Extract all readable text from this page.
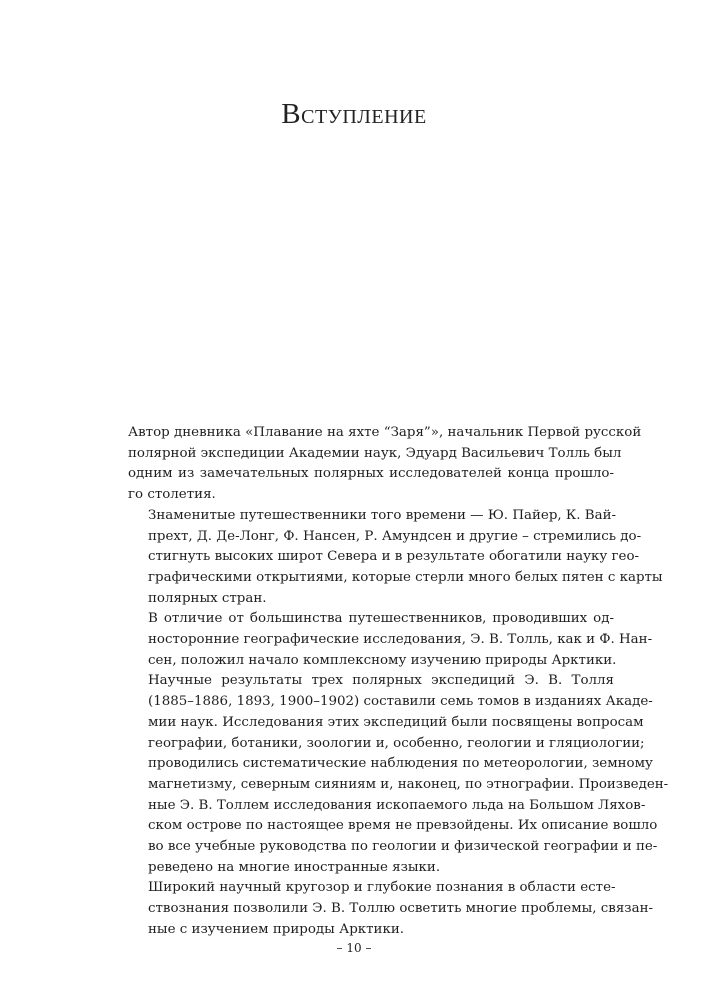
Вступление

Автор дневника «Плавание на яхте “Заря”», начальник Первой русской
полярной экспедиции Академии наук, Эдуард Васильевич Толль был
одним из замечательных полярных исследователей конца прошло-
го столетия.

Знаменитые путешественники того времени — Ю. Пайер, К. Вай-
прехт, Д. Де-Лонг, Ф. Нансен, Р. Амундсен и другие – стремились до-
стигнуть высоких широт Севера и в результате обогатили науку гео-
графическими открытиями, которые стерли много белых пятен с карты
полярных стран.

В отличие от большинства путешественников, проводивших од-
носторонние географические исследования, Э. В. Толль, как и Ф. Нан-
сен, положил начало комплексному изучению природы Арктики.

Научные результаты трех полярных экспедиций Э. В. Толля
(1885–1886, 1893, 1900–1902) составили семь томов в изданиях Акаде-
мии наук. Исследования этих экспедиций были посвящены вопросам
географии, ботаники, зоологии и, особенно, геологии и гляциологии;
проводились систематические наблюдения по метеорологии, земному
магнетизму, северным сияниям и, наконец, по этнографии. Произведен-
ные Э. В. Толлем исследования ископаемого льда на Большом Ляхов-
ском острове по настоящее время не превзойдены. Их описание вошло
во все учебные руководства по геологии и физической географии и пе-
реведено на многие иностранные языки.

Широкий научный кругозор и глубокие познания в области есте-
ствознания позволили Э. В. Толлю осветить многие проблемы, связан-
ные с изучением природы Арктики.

– 10 –
